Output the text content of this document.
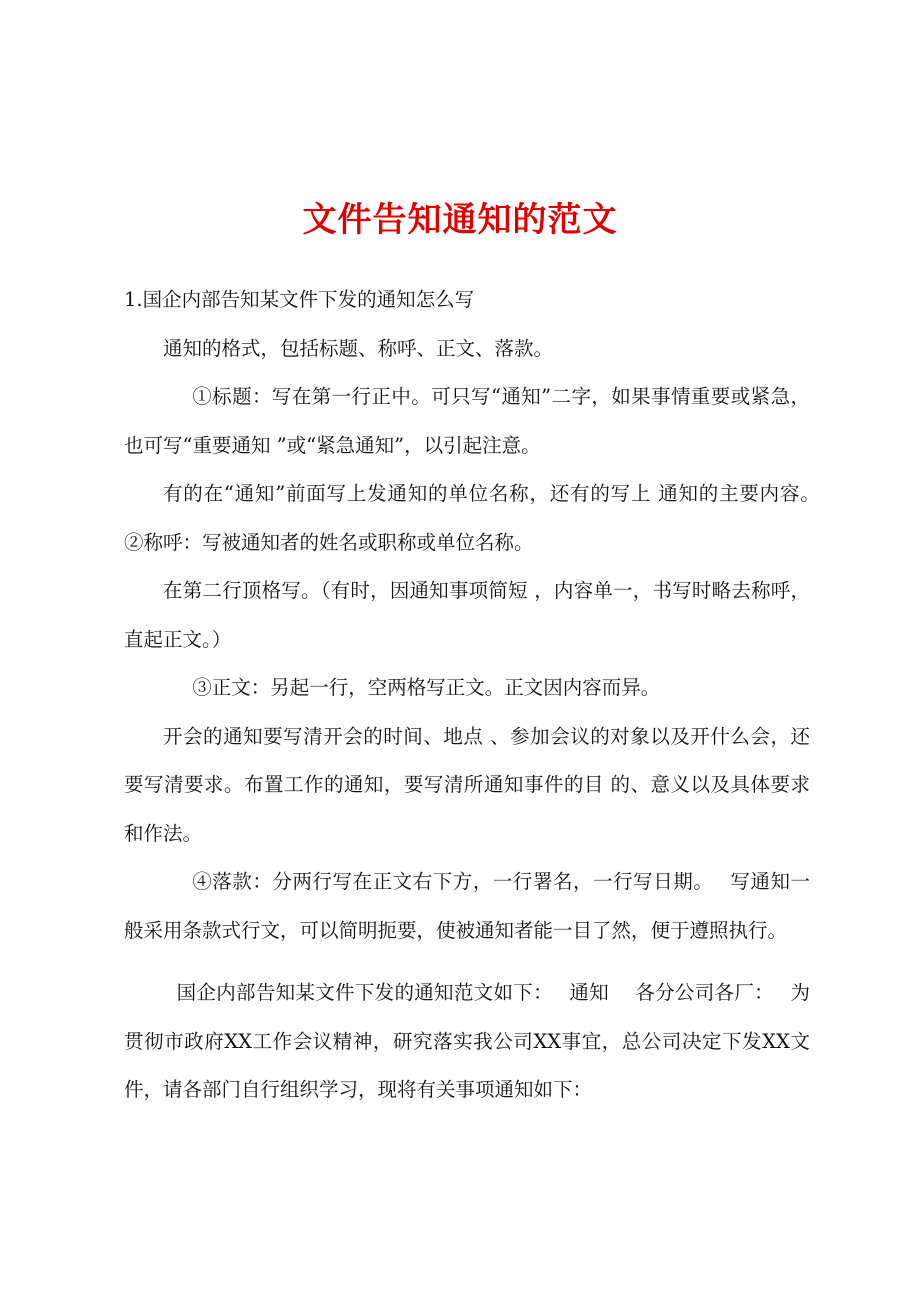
文件告知通知的范文

1.国企内部告知某文件下发的通知怎么写

通知的格式，包括标题、称呼、正文、落款。

①标题：写在第一行正中。可只写“通知”二字，如果事情重要或紧急，也可写“重要通知 ”或“紧急通知”，以引起注意。

有的在“通知”前面写上发通知的单位名称，还有的写上 通知的主要内容。　 ②称呼：写被通知者的姓名或职称或单位名称。

在第二行顶格写。（有时，因通知事项简短 ，内容单一，书写时略去称呼，直起正文。）

③正文：另起一行，空两格写正文。正文因内容而异。

开会的通知要写清开会的时间、地点 、参加会议的对象以及开什么会，还要写清要求。布置工作的通知，要写清所通知事件的目 的、意义以及具体要求和作法。

④落款：分两行写在正文右下方，一行署名，一行写日期。　 写通知一般采用条款式行文，可以简明扼要，使被通知者能一目了然，便于遵照执行。

国企内部告知某文件下发的通知范文如下：　 通知　 各分公司各厂：　 为贯彻市政府XX工作会议精神，研究落实我公司XX事宜，总公司决定下发XX文件，请各部门自行组织学习，现将有关事项通知如下：
